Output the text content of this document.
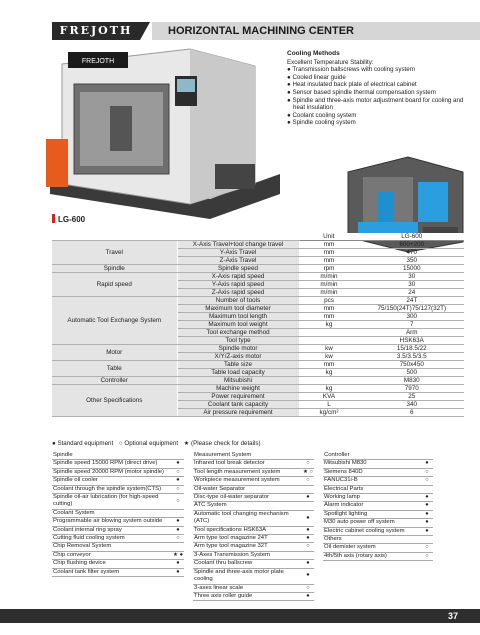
FREJOTH	HORIZONTAL MACHINING CENTER
FREJOTH
Cooling Methods
Excellent Temperature Stability:
● Transmission ballscrews with cooling system
● Cooled linear guide
● Heat insulated back plate of electrical cabinet
● Sensor based spindle thermal compensation system
● Spindle and three-axis motor adjustment board for cooling and heat insulation
● Coolant cooling system
● Spindle cooling system
LG-600
		Unit	LG-600
Travel	X-Axis Travel+tool change travel	mm	600+200
	Y-Axis Travel	mm	470
	Z-Axis Travel	mm	350
Spindle	Spindle speed	rpm	15000
Rapid speed	X-Axis rapid speed	m/min	30
	Y-Axis rapid speed	m/min	30
	Z-Axis rapid speed	m/min	24
Automatic Tool Exchange System	Number of tools	pcs	24T
	Maximum tool diameter	mm	75/150(24T)75/127(32T)
	Maximum tool length	mm	300
	Maximum tool weight	kg	7
	Tool exchange method		Arm
	Tool type		HSK63A
Motor	Spindle motor	kw	15/18.5/22
	X/Y/Z-axis motor	kw	3.5/3.5/3.5
Table	Table size	mm	750x450
	Table load capacity	kg	500
Controller	Mitsubishi		M830
Other Specifications	Machine weight	kg	7970
	Power requirement	KVA	25
	Coolant tank capacity	L	340
	Air pressure requirement	kg/cm²	6
● Standard equipment ○ Optional equipment ★ (Please check for details)
Spindle	
Spindle speed 15000 RPM (direct drive)	●
Spindle speed 20000 RPM (motor spindle)	○
Spindle oil cooler	●
Coolant through the spindle system(CTS)	○
Spindle oil-air lubrication (for high-speed cutting)	○
Coolant System	
Programmable air blowing system outside	●
Coolant internal ring spray	●
Cutting fluid cooling system	○
Chip Removal System	
Chip conveyor	★ ●
Chip flushing device	●
Coolant tank filter system	●
Measurement System	
Infrared tool break detector	○
Tool length measurement system	★ ○
Workpiece measurement system	○
Oil-water Separator	
Disc-type oil-water separator	●
ATC System	
Automatic tool changing mechanism (ATC)	●
Tool specifications HSK63A	●
Arm type tool magazine 24T	●
Arm type tool magazine 32T	○
3-Axes Transmission System	
Coolant thru ballscrew	●
Spindle and three-axis motor plate cooling	●
3-axes linear scale	○
Three axis roller guide	●
Controller	
Mitsubishi M830	●
Siemens 840D	○
FANUC31i-B	○
Electrical Parts	
Working lamp	●
Alarm indicator	●
Spotlight lighting	●
M30 auto power off system	●
Electric cabinet cooling system	●
Others	
Oil demister system	○
4th/5th axis (rotary axis)	○
37
